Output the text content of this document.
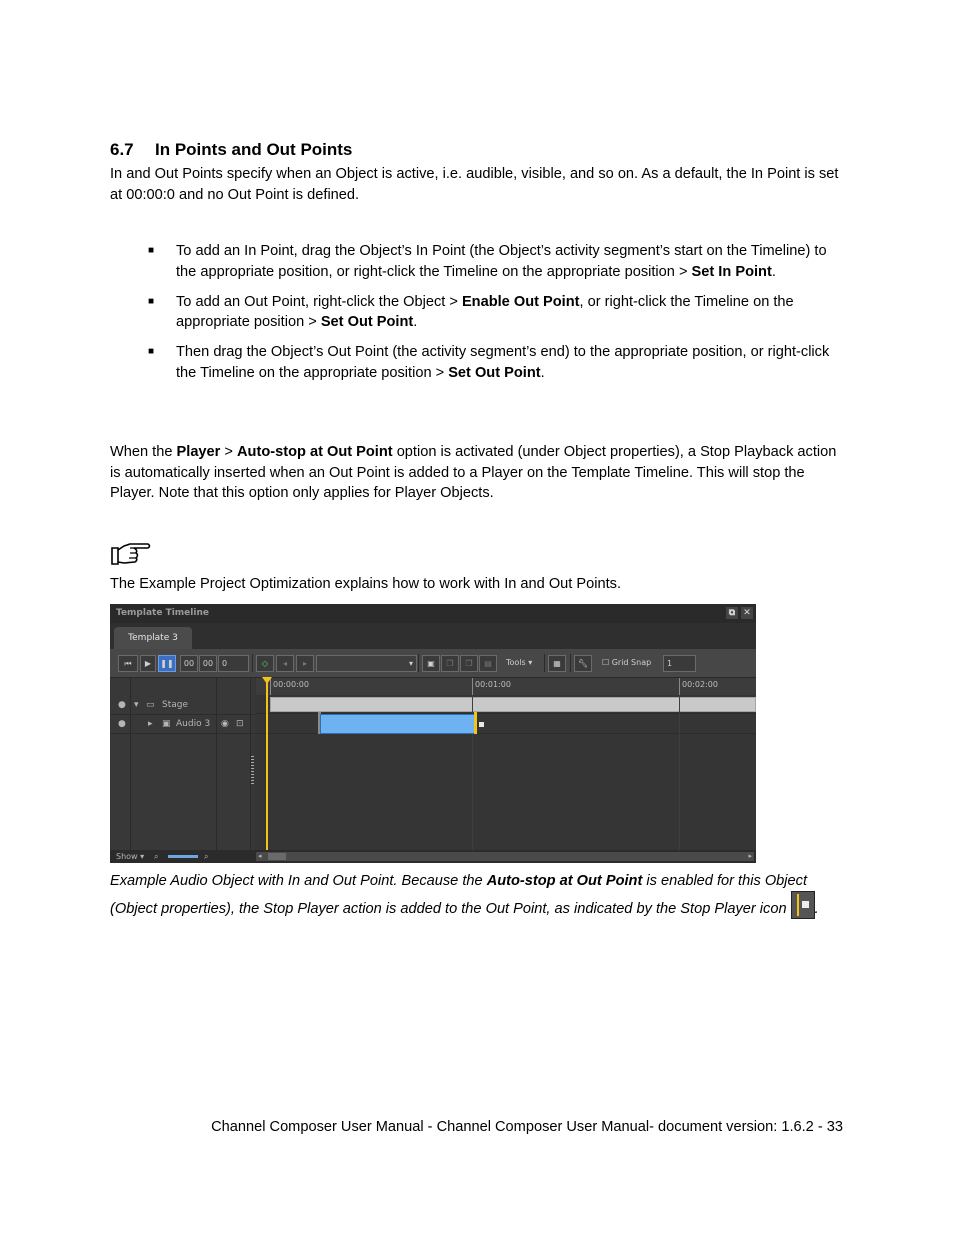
6.7 In Points and Out Points
In and Out Points specify when an Object is active, i.e. audible, visible, and so on. As a default, the In Point is set at 00:00:0 and no Out Point is defined.
■ To add an In Point, drag the Object’s In Point (the Object’s activity segment’s start on the Timeline) to the appropriate position, or right-click the Timeline on the appropriate position > Set In Point.
■ To add an Out Point, right-click the Object > Enable Out Point, or right-click the Timeline on the appropriate position > Set Out Point.
■ Then drag the Object’s Out Point (the activity segment’s end) to the appropriate position, or right-click the Timeline on the appropriate position > Set Out Point.
When the Player > Auto-stop at Out Point option is activated (under Object properties), a Stop Playback action is automatically inserted when an Out Point is added to a Player on the Template Timeline. This will stop the Player. Note that this option only applies for Player Objects.
The Example Project Optimization explains how to work with In and Out Points.
Template Timeline	⧉ ✕
Template 3
⏮	▶	❚❚	00	00	0	◇	◂	▸	▾	▣	❐	❐	▤	Tools ▾	▦	🔧︎	☐ Grid Snap	1
● ▾ ▭ Stage
● ▸ ▣ Audio 3 ◉ ⊡
00:00:00	00:01:00	00:02:00
Show ▾ ⌕	⌕	◂	▸
Example Audio Object with In and Out Point. Because the Auto-stop at Out Point is enabled for this Object (Object properties), the Stop Player action is added to the Out Point, as indicated by the Stop Player icon
.
Channel Composer User Manual - Channel Composer User Manual- document version: 1.6.2 - 33
